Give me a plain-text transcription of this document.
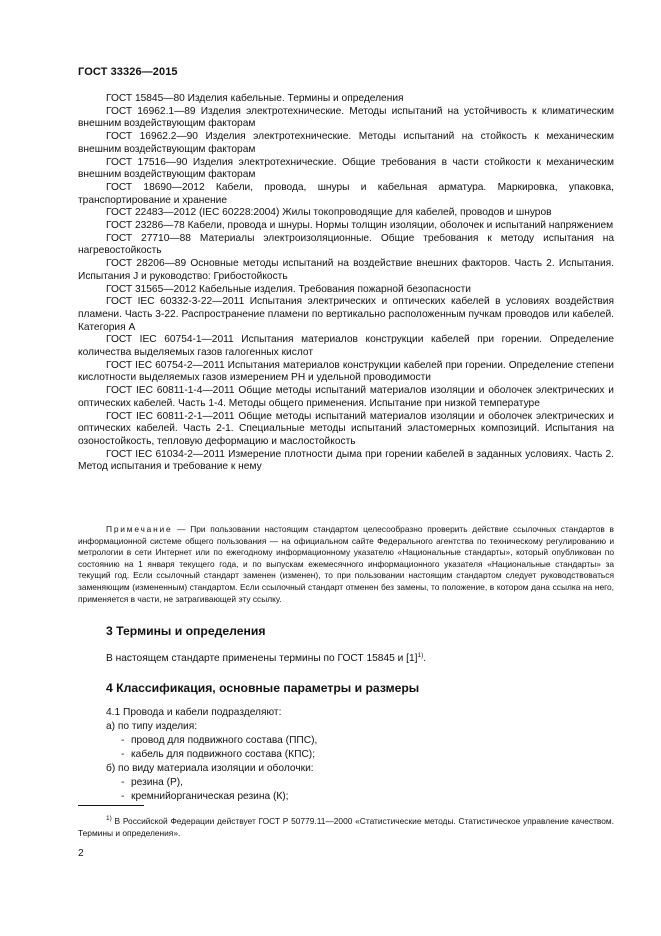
ГОСТ 33326—2015

ГОСТ 15845—80 Изделия кабельные. Термины и определения

ГОСТ 16962.1—89 Изделия электротехнические. Методы испытаний на устойчивость к климатическим внешним воздействующим факторам

ГОСТ 16962.2—90 Изделия электротехнические. Методы испытаний на стойкость к механическим внешним воздействующим факторам

ГОСТ 17516—90 Изделия электротехнические. Общие требования в части стойкости к механическим внешним воздействующим факторам

ГОСТ 18690—2012 Кабели, провода, шнуры и кабельная арматура. Маркировка, упаковка, транспортирование и хранение

ГОСТ 22483—2012 (IEC 60228:2004) Жилы токопроводящие для кабелей, проводов и шнуров

ГОСТ 23286—78 Кабели, провода и шнуры. Нормы толщин изоляции, оболочек и испытаний напряжением

ГОСТ 27710—88 Материалы электроизоляционные. Общие требования к методу испытания на нагревостойкость

ГОСТ 28206—89 Основные методы испытаний на воздействие внешних факторов. Часть 2. Испытания. Испытания J и руководство: Грибостойкость

ГОСТ 31565—2012 Кабельные изделия. Требования пожарной безопасности

ГОСТ IEC 60332-3-22—2011 Испытания электрических и оптических кабелей в условиях воздействия пламени. Часть 3-22. Распространение пламени по вертикально расположенным пучкам проводов или кабелей. Категория А

ГОСТ IEC 60754-1—2011 Испытания материалов конструкции кабелей при горении. Определение количества выделяемых газов галогенных кислот

ГОСТ IEC 60754-2—2011 Испытания материалов конструкции кабелей при горении. Определение степени кислотности выделяемых газов измерением РН и удельной проводимости

ГОСТ IEC 60811-1-4—2011 Общие методы испытаний материалов изоляции и оболочек электрических и оптических кабелей. Часть 1-4. Методы общего применения. Испытание при низкой температуре

ГОСТ IEC 60811-2-1—2011 Общие методы испытаний материалов изоляции и оболочек электрических и оптических кабелей. Часть 2-1. Специальные методы испытаний эластомерных композиций. Испытания на озоностойкость, тепловую деформацию и маслостойкость

ГОСТ IEC 61034-2—2011 Измерение плотности дыма при горении кабелей в заданных условиях. Часть 2. Метод испытания и требование к нему

Примечание — При пользовании настоящим стандартом целесообразно проверить действие ссылочных стандартов в информационной системе общего пользования — на официальном сайте Федерального агентства по техническому регулированию и метрологии в сети Интернет или по ежегодному информационному указателю «Национальные стандарты», который опубликован по состоянию на 1 января текущего года, и по выпускам ежемесячного информационного указателя «Национальные стандарты» за текущий год. Если ссылочный стандарт заменен (изменен), то при пользовании настоящим стандартом следует руководствоваться заменяющим (измененным) стандартом. Если ссылочный стандарт отменен без замены, то положение, в котором дана ссылка на него, применяется в части, не затрагивающей эту ссылку.

3 Термины и определения

В настоящем стандарте применены термины по ГОСТ 15845 и $[1]^{1)}$.

4 Классификация, основные параметры и размеры
4.1 Провода и кабели подразделяют:
а) по типу изделия:
- провод для подвижного состава (ППС),
- кабель для подвижного состава (КПС);
б) по виду материала изоляции и оболочки:
- резина (Р),
- кремнийорганическая резина (К);

$^{1)}$ В Российской Федерации действует ГОСТ Р 50779.11—2000 «Статистические методы. Статистическое управление качеством. Термины и определения».

2
